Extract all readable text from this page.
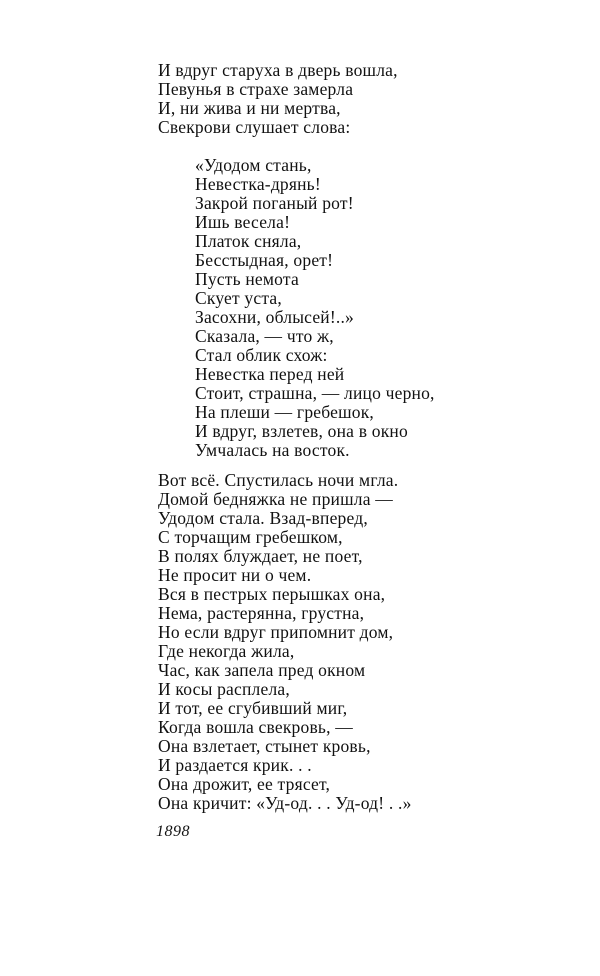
И вдруг старуха в дверь вошла,
Певунья в страхе замерла
И, ни жива и ни мертва,
Свекрови слушает слова:
«Удодом стань,
Невестка-дрянь!
Закрой поганый рот!
Ишь весела!
Платок сняла,
Бесстыдная, орет!
Пусть немота
Скует уста,
Засохни, облысей!..»
Сказала, — что ж,
Стал облик схож:
Невестка перед ней
Стоит, страшна, — лицо черно,
На плеши — гребешок,
И вдруг, взлетев, она в окно
Умчалась на восток.
Вот всё. Спустилась ночи мгла.
Домой бедняжка не пришла —
Удодом стала. Взад-вперед,
С торчащим гребешком,
В полях блуждает, не поет,
Не просит ни о чем.
Вся в пестрых перышках она,
Нема, растерянна, грустна,
Но если вдруг припомнит дом,
Где некогда жила,
Час, как запела пред окном
И косы расплела,
И тот, ее сгубивший миг,
Когда вошла свекровь, —
Она взлетает, стынет кровь,
И раздается крик. . .
Она дрожит, ее трясет,
Она кричит: «Уд-од. . . Уд-од! . .»
1898
